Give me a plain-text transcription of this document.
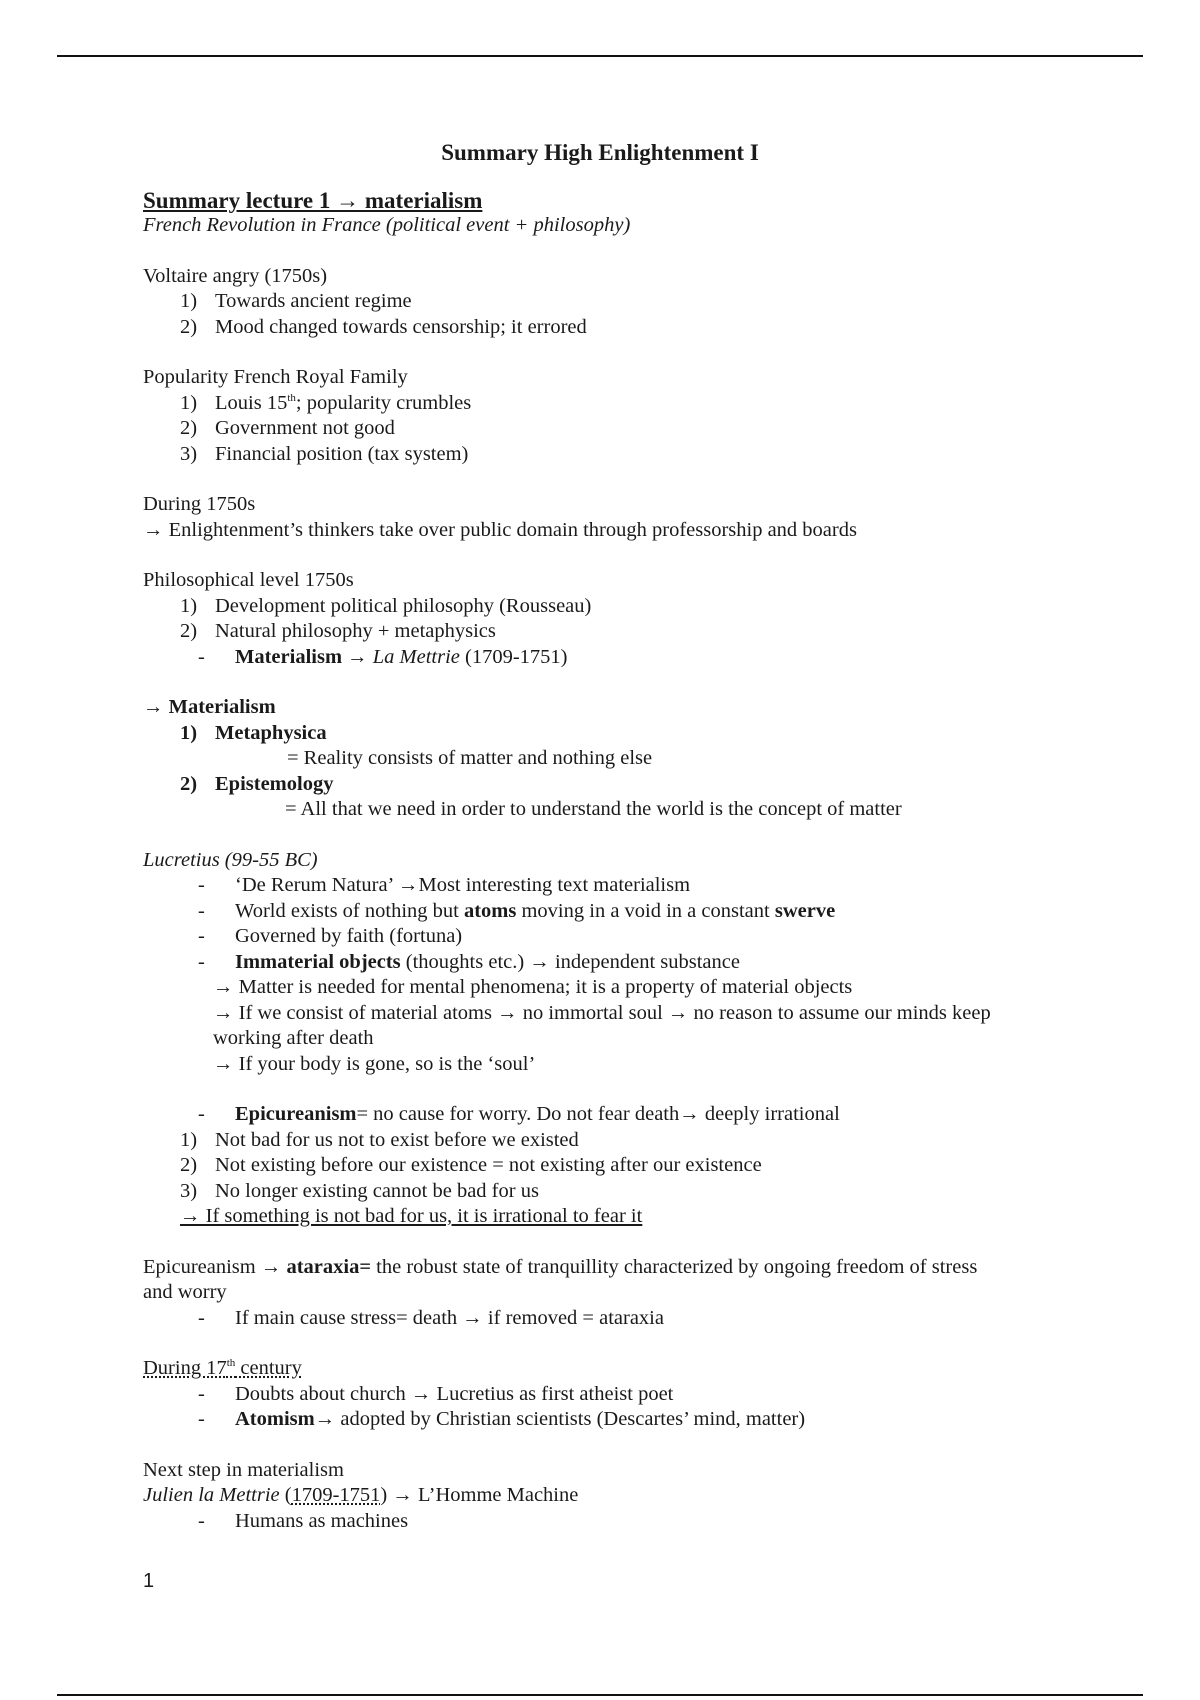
Summary High Enlightenment I
Summary lecture 1 → materialism
French Revolution in France (political event + philosophy)
Voltaire angry (1750s)
1) Towards ancient regime
2) Mood changed towards censorship; it errored
Popularity French Royal Family
1) Louis 15th; popularity crumbles
2) Government not good
3) Financial position (tax system)
During 1750s
→ Enlightenment’s thinkers take over public domain through professorship and boards
Philosophical level 1750s
1) Development political philosophy (Rousseau)
2) Natural philosophy + metaphysics
-	Materialism → La Mettrie (1709-1751)
→ Materialism
1) Metaphysica
= Reality consists of matter and nothing else
2) Epistemology
= All that we need in order to understand the world is the concept of matter
Lucretius (99-55 BC)
-	‘De Rerum Natura’ →Most interesting text materialism
-	World exists of nothing but atoms moving in a void in a constant swerve
-	Governed by faith (fortuna)
-	Immaterial objects (thoughts etc.) → independent substance
→ Matter is needed for mental phenomena; it is a property of material objects
→ If we consist of material atoms → no immortal soul → no reason to assume our minds keep
working after death
→ If your body is gone, so is the ‘soul’
-	Epicureanism= no cause for worry. Do not fear death→ deeply irrational
1) Not bad for us not to exist before we existed
2) Not existing before our existence = not existing after our existence
3) No longer existing cannot be bad for us
→ If something is not bad for us, it is irrational to fear it
Epicureanism → ataraxia= the robust state of tranquillity characterized by ongoing freedom of stress
and worry
-	If main cause stress= death → if removed = ataraxia
During 17th century
-	Doubts about church → Lucretius as first atheist poet
-	Atomism→ adopted by Christian scientists (Descartes’ mind, matter)
Next step in materialism
Julien la Mettrie (1709-1751) → L’Homme Machine
-	Humans as machines
1
